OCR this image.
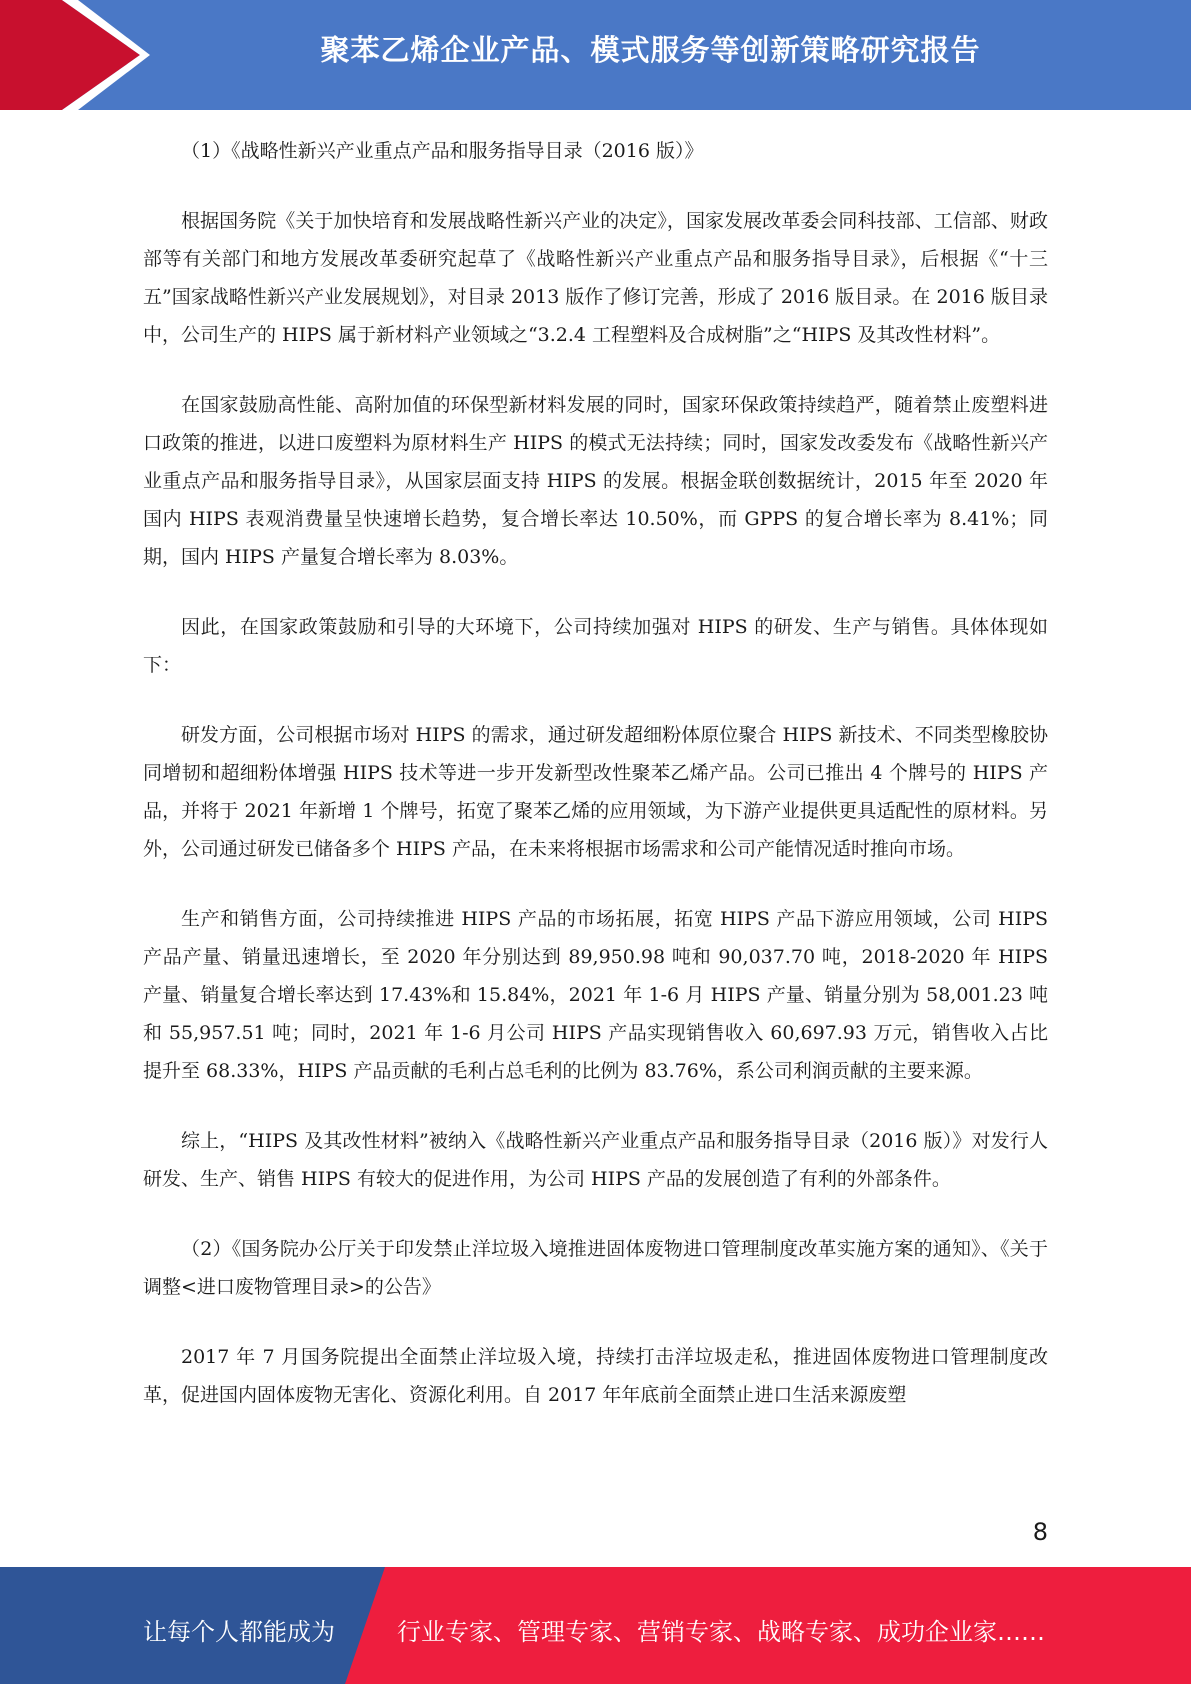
聚苯乙烯企业产品、模式服务等创新策略研究报告

（1）《战略性新兴产业重点产品和服务指导目录（2016 版）》

根据国务院《关于加快培育和发展战略性新兴产业的决定》，国家发展改革委会同科技部、工信部、财政部等有关部门和地方发展改革委研究起草了《战略性新兴产业重点产品和服务指导目录》，后根据《“十三五”国家战略性新兴产业发展规划》，对目录 2013 版作了修订完善，形成了 2016 版目录。在 2016 版目录中，公司生产的 HIPS 属于新材料产业领域之“3.2.4 工程塑料及合成树脂”之“HIPS 及其改性材料”。

在国家鼓励高性能、高附加值的环保型新材料发展的同时，国家环保政策持续趋严，随着禁止废塑料进口政策的推进，以进口废塑料为原材料生产 HIPS 的模式无法持续；同时，国家发改委发布《战略性新兴产业重点产品和服务指导目录》，从国家层面支持 HIPS 的发展。根据金联创数据统计，2015 年至 2020 年国内 HIPS 表观消费量呈快速增长趋势，复合增长率达 10.50%，而 GPPS 的复合增长率为 8.41%；同期，国内 HIPS 产量复合增长率为 8.03%。

因此，在国家政策鼓励和引导的大环境下，公司持续加强对 HIPS 的研发、生产与销售。具体体现如下：

研发方面，公司根据市场对 HIPS 的需求，通过研发超细粉体原位聚合 HIPS 新技术、不同类型橡胶协同增韧和超细粉体增强 HIPS 技术等进一步开发新型改性聚苯乙烯产品。公司已推出 4 个牌号的 HIPS 产品，并将于 2021 年新增 1 个牌号，拓宽了聚苯乙烯的应用领域，为下游产业提供更具适配性的原材料。另外，公司通过研发已储备多个 HIPS 产品，在未来将根据市场需求和公司产能情况适时推向市场。

生产和销售方面，公司持续推进 HIPS 产品的市场拓展，拓宽 HIPS 产品下游应用领域，公司 HIPS 产品产量、销量迅速增长，至 2020 年分别达到 89,950.98 吨和 90,037.70 吨，2018-2020 年 HIPS 产量、销量复合增长率达到 17.43%和 15.84%，2021 年 1-6 月 HIPS 产量、销量分别为 58,001.23 吨和 55,957.51 吨；同时，2021 年 1-6 月公司 HIPS 产品实现销售收入 60,697.93 万元，销售收入占比提升至 68.33%，HIPS 产品贡献的毛利占总毛利的比例为 83.76%，系公司利润贡献的主要来源。

综上，“HIPS 及其改性材料”被纳入《战略性新兴产业重点产品和服务指导目录（2016 版）》对发行人研发、生产、销售 HIPS 有较大的促进作用，为公司 HIPS 产品的发展创造了有利的外部条件。

（2）《国务院办公厅关于印发禁止洋垃圾入境推进固体废物进口管理制度改革实施方案的通知》、《关于调整<进口废物管理目录>的公告》

2017 年 7 月国务院提出全面禁止洋垃圾入境，持续打击洋垃圾走私，推进固体废物进口管理制度改革，促进国内固体废物无害化、资源化利用。自 2017 年年底前全面禁止进口生活来源废塑

8
让每个人都能成为	行业专家、管理专家、营销专家、战略专家、成功企业家……
